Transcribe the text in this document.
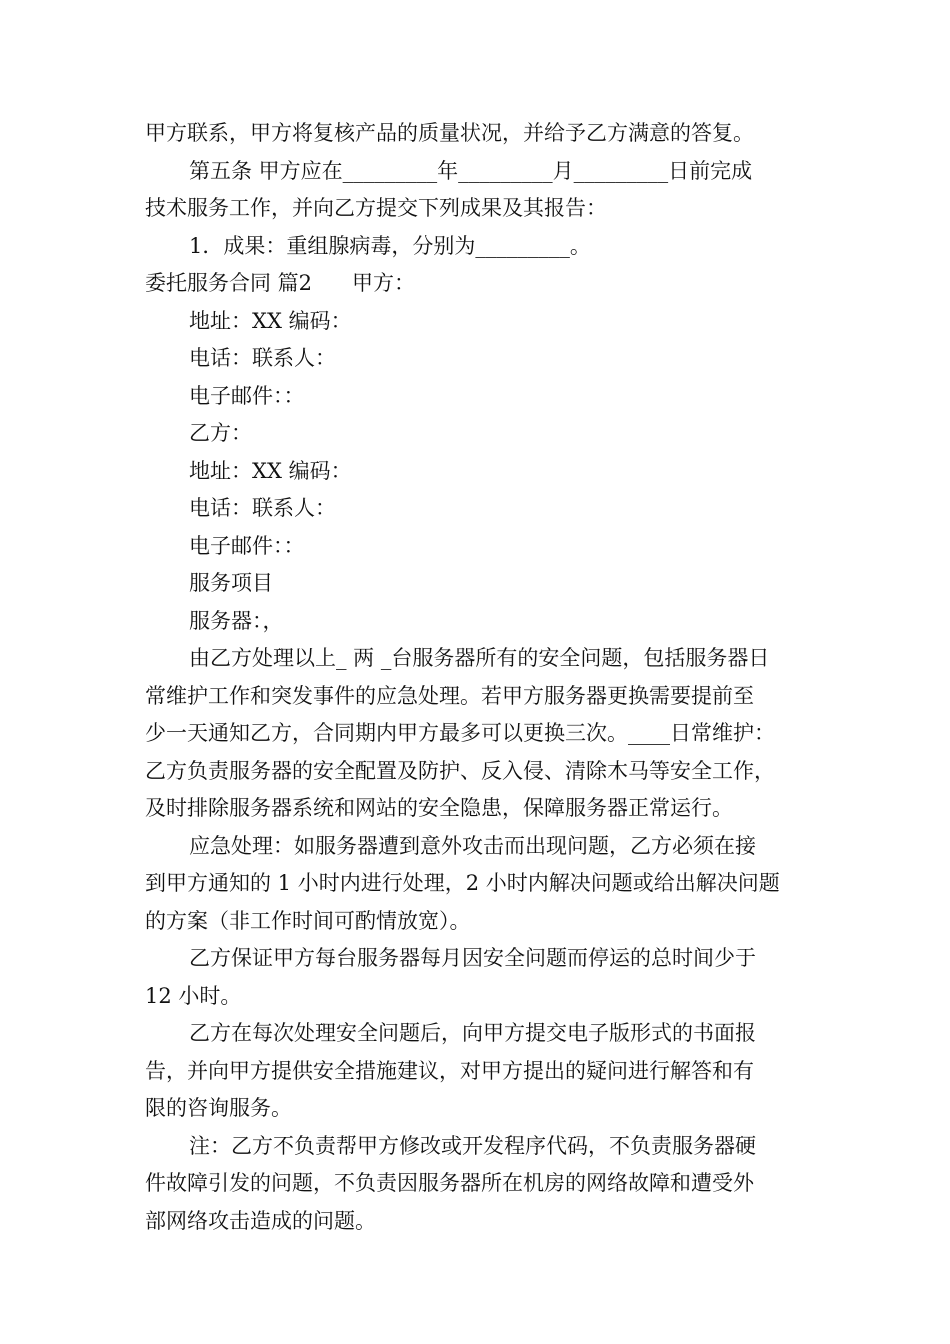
甲方联系，甲方将复核产品的质量状况，并给予乙方满意的答复。
第五条 甲方应在_________年_________月_________日前完成
技术服务工作，并向乙方提交下列成果及其报告：
1．成果：重组腺病毒，分别为_________。
委托服务合同 篇2 甲方：
地址：XX 编码：
电话：联系人：
电子邮件：：
乙方：
地址：XX 编码：
电话：联系人：
电子邮件：：
服务项目
服务器：，
由乙方处理以上_ 两 _台服务器所有的安全问题，包括服务器日
常维护工作和突发事件的应急处理。若甲方服务器更换需要提前至
少一天通知乙方，合同期内甲方最多可以更换三次。____日常维护：
乙方负责服务器的安全配置及防护、反入侵、清除木马等安全工作，
及时排除服务器系统和网站的安全隐患，保障服务器正常运行。
应急处理：如服务器遭到意外攻击而出现问题，乙方必须在接
到甲方通知的 1 小时内进行处理，2 小时内解决问题或给出解决问题
的方案（非工作时间可酌情放宽）。
乙方保证甲方每台服务器每月因安全问题而停运的总时间少于
12 小时。
乙方在每次处理安全问题后，向甲方提交电子版形式的书面报
告，并向甲方提供安全措施建议，对甲方提出的疑问进行解答和有
限的咨询服务。
注：乙方不负责帮甲方修改或开发程序代码，不负责服务器硬
件故障引发的问题，不负责因服务器所在机房的网络故障和遭受外
部网络攻击造成的问题。
